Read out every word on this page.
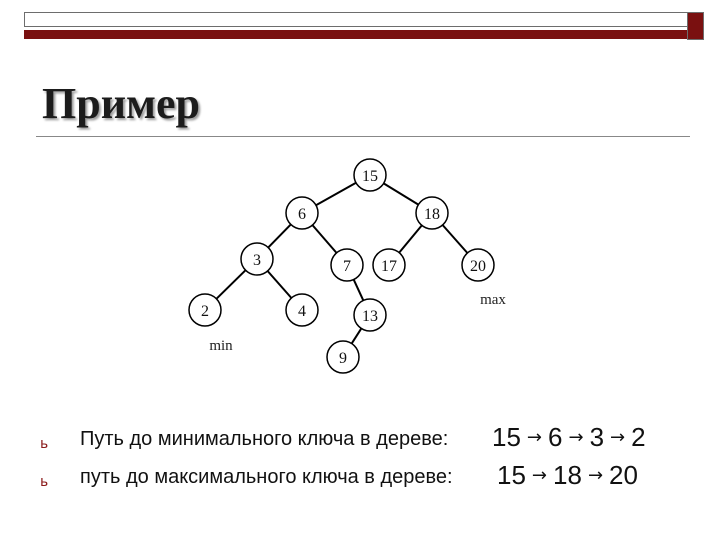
Пример
15
6	18
3	7 17	20
2	4	13
9
min
max
ь Путь до минимального ключа в дереве: 15 → 6 → 3 → 2
ь путь до максимального ключа в дереве: 15 → 18 → 20
